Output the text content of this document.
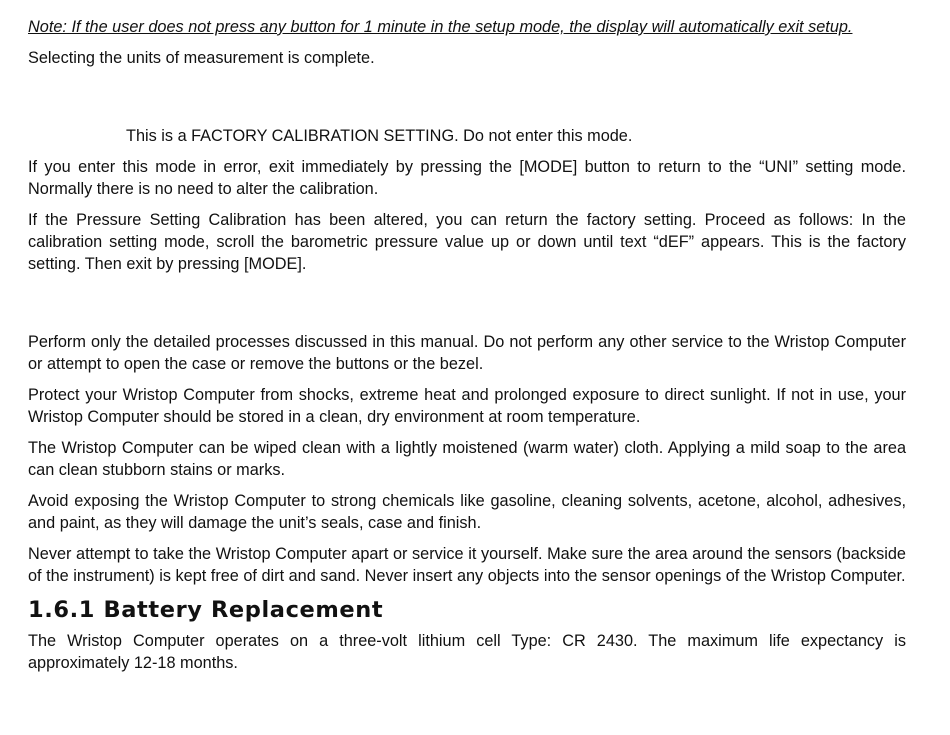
Note: If the user does not press any button for 1 minute in the setup mode, the display will automatically exit setup.

Selecting the units of measurement is complete.

This is a FACTORY CALIBRATION SETTING. Do not enter this mode.

If you enter this mode in error, exit immediately by pressing the [MODE] button to return to the “UNI” setting mode. Normally there is no need to alter the calibration.

If the Pressure Setting Calibration has been altered, you can return the factory setting. Proceed as follows: In the calibration setting mode, scroll the barometric pressure value up or down until text “dEF” appears. This is the factory setting. Then exit by pressing [MODE].

Perform only the detailed processes discussed in this manual. Do not perform any other service to the Wristop Computer or attempt to open the case or remove the buttons or the bezel.

Protect your Wristop Computer from shocks, extreme heat and prolonged exposure to direct sunlight. If not in use, your Wristop Computer should be stored in a clean, dry environment at room temperature.

The Wristop Computer can be wiped clean with a lightly moistened (warm water) cloth. Applying a mild soap to the area can clean stubborn stains or marks.

Avoid exposing the Wristop Computer to strong chemicals like gasoline, cleaning solvents, acetone, alcohol, adhesives, and paint, as they will damage the unit’s seals, case and finish.

Never attempt to take the Wristop Computer apart or service it yourself. Make sure the area around the sensors (backside of the instrument) is kept free of dirt and sand. Never insert any objects into the sensor openings of the Wristop Computer.

1.6.1 Battery Replacement

The Wristop Computer operates on a three-volt lithium cell Type: CR 2430. The maximum life expectancy is approximately 12-18 months.
